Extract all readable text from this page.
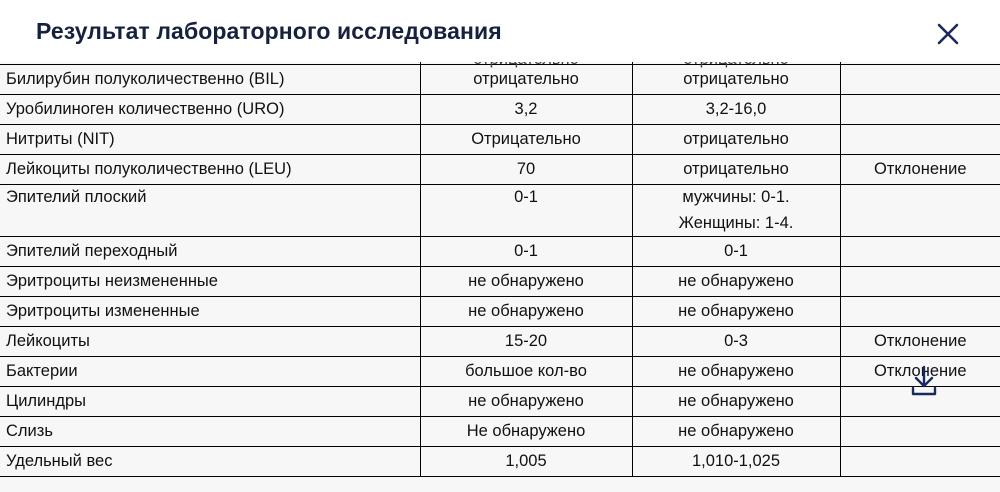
Результат лабораторного исследования

Билирубин полуколичественно (BIL)	отрицательно	отрицательно	
Уробилиноген количественно (URO)	3,2	3,2-16,0	
Нитриты (NIT)	Отрицательно	отрицательно	
Лейкоциты полуколичественно (LEU)	70	отрицательно	Отклонение
Эпителий плоский	0-1	мужчины: 0-1.
Женщины: 1-4.	

Эпителий переходный	0-1	0-1	
Эритроциты неизмененные	не обнаружено	не обнаружено	
Эритроциты измененные	не обнаружено	не обнаружено	
Лейкоциты	15-20	0-3	Отклонение
Бактерии	большое кол-во	не обнаружено	Отклонение
Цилиндры	не обнаружено	не обнаружено	
Слизь	Не обнаружено	не обнаружено	
Удельный вес	1,005	1,010-1,025	
